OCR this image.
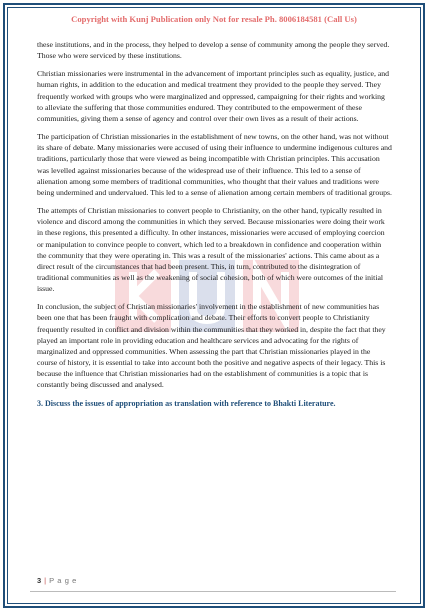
Copyright with Kunj Publication only Not for resale Ph. 8006184581 (Call Us)

these institutions, and in the process, they helped to develop a sense of community among the people they served. Those who were serviced by these institutions.

Christian missionaries were instrumental in the advancement of important principles such as equality, justice, and human rights, in addition to the education and medical treatment they provided to the people they served. They frequently worked with groups who were marginalized and oppressed, campaigning for their rights and working to alleviate the suffering that those communities endured. They contributed to the empowerment of these communities, giving them a sense of agency and control over their own lives as a result of their actions.

The participation of Christian missionaries in the establishment of new towns, on the other hand, was not without its share of debate. Many missionaries were accused of using their influence to undermine indigenous cultures and traditions, particularly those that were viewed as being incompatible with Christian principles. This accusation was levelled against missionaries because of the widespread use of their influence. This led to a sense of alienation among some members of traditional communities, who thought that their values and traditions were being undermined and undervalued. This led to a sense of alienation among certain members of traditional groups.

The attempts of Christian missionaries to convert people to Christianity, on the other hand, typically resulted in violence and discord among the communities in which they served. Because missionaries were doing their work in these regions, this presented a difficulty. In other instances, missionaries were accused of employing coercion or manipulation to convince people to convert, which led to a breakdown in confidence and cooperation within the community that they were operating in. This was a result of the missionaries' actions. This came about as a direct result of the circumstances that had been present. This, in turn, contributed to the disintegration of traditional communities as well as the weakening of social cohesion, both of which were outcomes of the initial issue.

In conclusion, the subject of Christian missionaries' involvement in the establishment of new communities has been one that has been fraught with complication and debate. Their efforts to convert people to Christianity frequently resulted in conflict and division within the communities that they worked in, despite the fact that they played an important role in providing education and healthcare services and advocating for the rights of marginalized and oppressed communities. When assessing the part that Christian missionaries played in the course of history, it is essential to take into account both the positive and negative aspects of their legacy. This is because the influence that Christian missionaries had on the establishment of communities is a topic that is constantly being discussed and analysed.

3. Discuss the issues of appropriation as translation with reference to Bhakti Literature.

3 | P a g e
